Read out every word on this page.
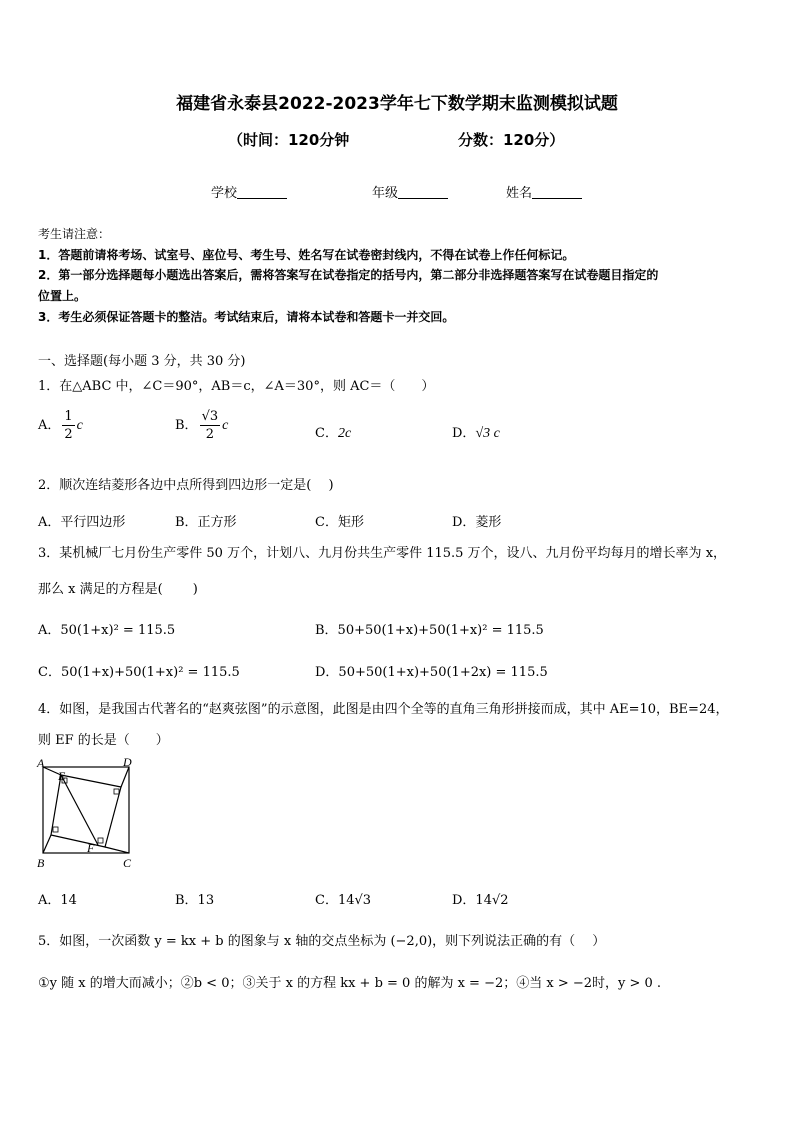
福建省永泰县2022-2023学年七下数学期末监测模拟试题
（时间：120分钟	分数：120分）
学校	年级	姓名
考生请注意：
1．答题前请将考场、试室号、座位号、考生号、姓名写在试卷密封线内，不得在试卷上作任何标记。
2．第一部分选择题每小题选出答案后，需将答案写在试卷指定的括号内，第二部分非选择题答案写在试卷题目指定的
位置上。
3．考生必须保证答题卡的整洁。考试结束后，请将本试卷和答题卡一并交回。
一、选择题(每小题 3 分，共 30 分)
1．在△ABC 中，∠C＝90°，AB＝c，∠A＝30°，则 AC＝（　　）
A． $\frac{1}{2}$ c	B． $\frac{√3}{2}$ c
C．2c	D．√3 c
2．顺次连结菱形各边中点所得到四边形一定是(　 )
A．平行四边形	B．正方形	C．矩形	D．菱形
3．某机械厂七月份生产零件 50 万个，计划八、九月份共生产零件 115.5 万个，设八、九月份平均每月的增长率为 x，
那么 x 满足的方程是(　　 )
A．50(1+x)² = 115.5	B．50+50(1+x)+50(1+x)² = 115.5
C．50(1+x)+50(1+x)² = 115.5	D．50+50(1+x)+50(1+2x) = 115.5
4．如图，是我国古代著名的“赵爽弦图”的示意图，此图是由四个全等的直角三角形拼接而成，其中 AE=10，BE=24，
则 EF 的长是（　　）
A	D
B	C
E
F
A．14	B．13	C．14√3	D．14√2
5．如图，一次函数 y = kx + b 的图象与 x 轴的交点坐标为 (−2,0)，则下列说法正确的有（　 ）
①y 随 x 的增大而减小；②b < 0；③关于 x 的方程 kx + b = 0 的解为 x = −2；④当 x > −2时，y > 0 .
